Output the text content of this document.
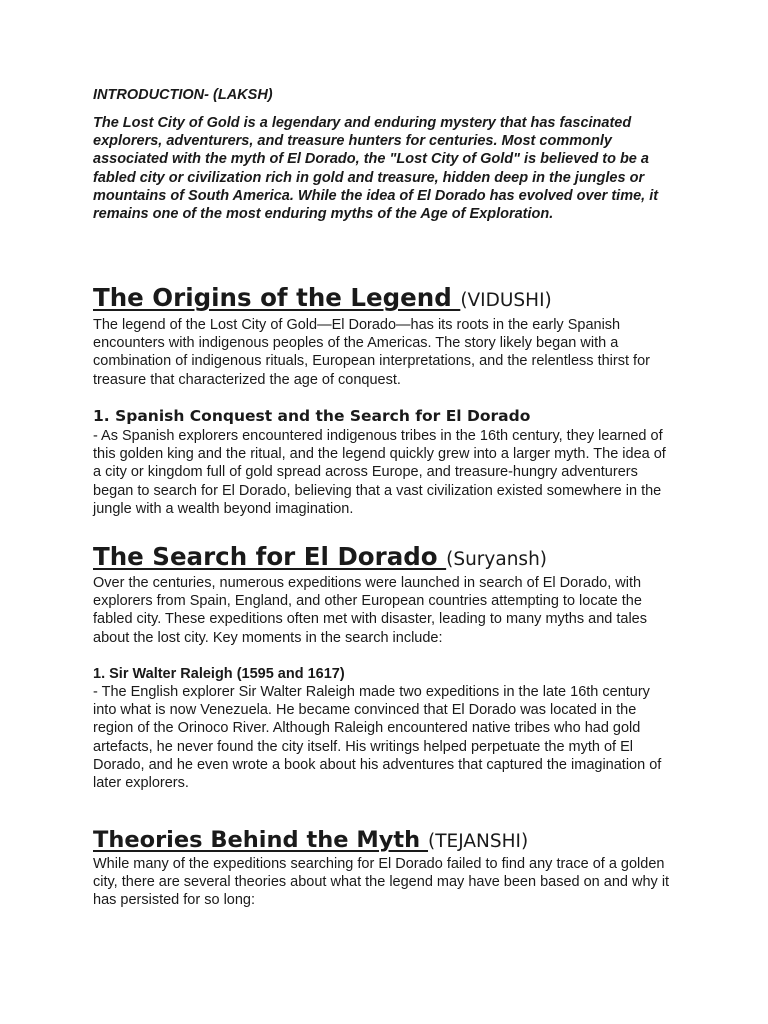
INTRODUCTION- (LAKSH)

The Lost City of Gold is a legendary and enduring mystery that has fascinated explorers, adventurers, and treasure hunters for centuries. Most commonly associated with the myth of El Dorado, the "Lost City of Gold" is believed to be a fabled city or civilization rich in gold and treasure, hidden deep in the jungles or mountains of South America. While the idea of El Dorado has evolved over time, it remains one of the most enduring myths of the Age of Exploration.

The Origins of the Legend (VIDUSHI)

The legend of the Lost City of Gold—El Dorado—has its roots in the early Spanish encounters with indigenous peoples of the Americas. The story likely began with a combination of indigenous rituals, European interpretations, and the relentless thirst for treasure that characterized the age of conquest.

1. Spanish Conquest and the Search for El Dorado

- As Spanish explorers encountered indigenous tribes in the 16th century, they learned of this golden king and the ritual, and the legend quickly grew into a larger myth. The idea of a city or kingdom full of gold spread across Europe, and treasure-hungry adventurers began to search for El Dorado, believing that a vast civilization existed somewhere in the jungle with a wealth beyond imagination.

The Search for El Dorado (Suryansh)

Over the centuries, numerous expeditions were launched in search of El Dorado, with explorers from Spain, England, and other European countries attempting to locate the fabled city. These expeditions often met with disaster, leading to many myths and tales about the lost city. Key moments in the search include:

1. Sir Walter Raleigh (1595 and 1617)

- The English explorer Sir Walter Raleigh made two expeditions in the late 16th century into what is now Venezuela. He became convinced that El Dorado was located in the region of the Orinoco River. Although Raleigh encountered native tribes who had gold artefacts, he never found the city itself. His writings helped perpetuate the myth of El Dorado, and he even wrote a book about his adventures that captured the imagination of later explorers.

Theories Behind the Myth (TEJANSHI)

While many of the expeditions searching for El Dorado failed to find any trace of a golden city, there are several theories about what the legend may have been based on and why it has persisted for so long:
